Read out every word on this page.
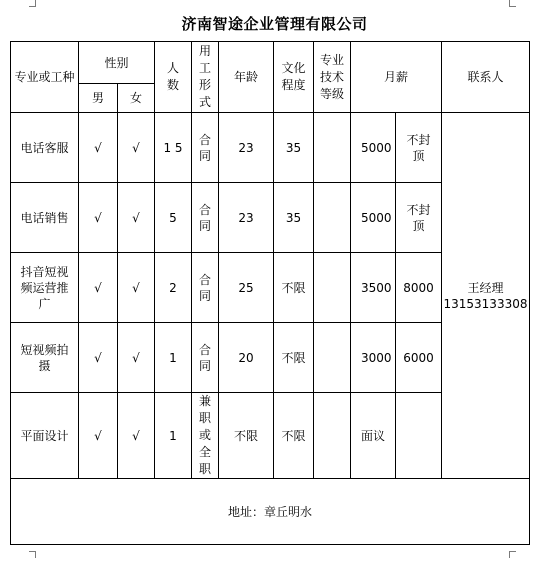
济南智途企业管理有限公司
专业或工种	性别		人数	用工形式	年龄	文化程度	专业技术等级	月薪		联系人
	男	女								
电话客服	√	√	1 5	合同	23	35		5000	不封顶	王经理
13153133308

电话销售	√	√	5	合同	23	35		5000	不封顶	

抖音短视频运营推广	√	√	2	合同	25	不限		3500	8000	

短视频拍摄	√	√	1	合同	20	不限		3000	6000	
平面设计	√	√	1	兼职或全职	不限	不限		面议		
地址：章丘明水										
